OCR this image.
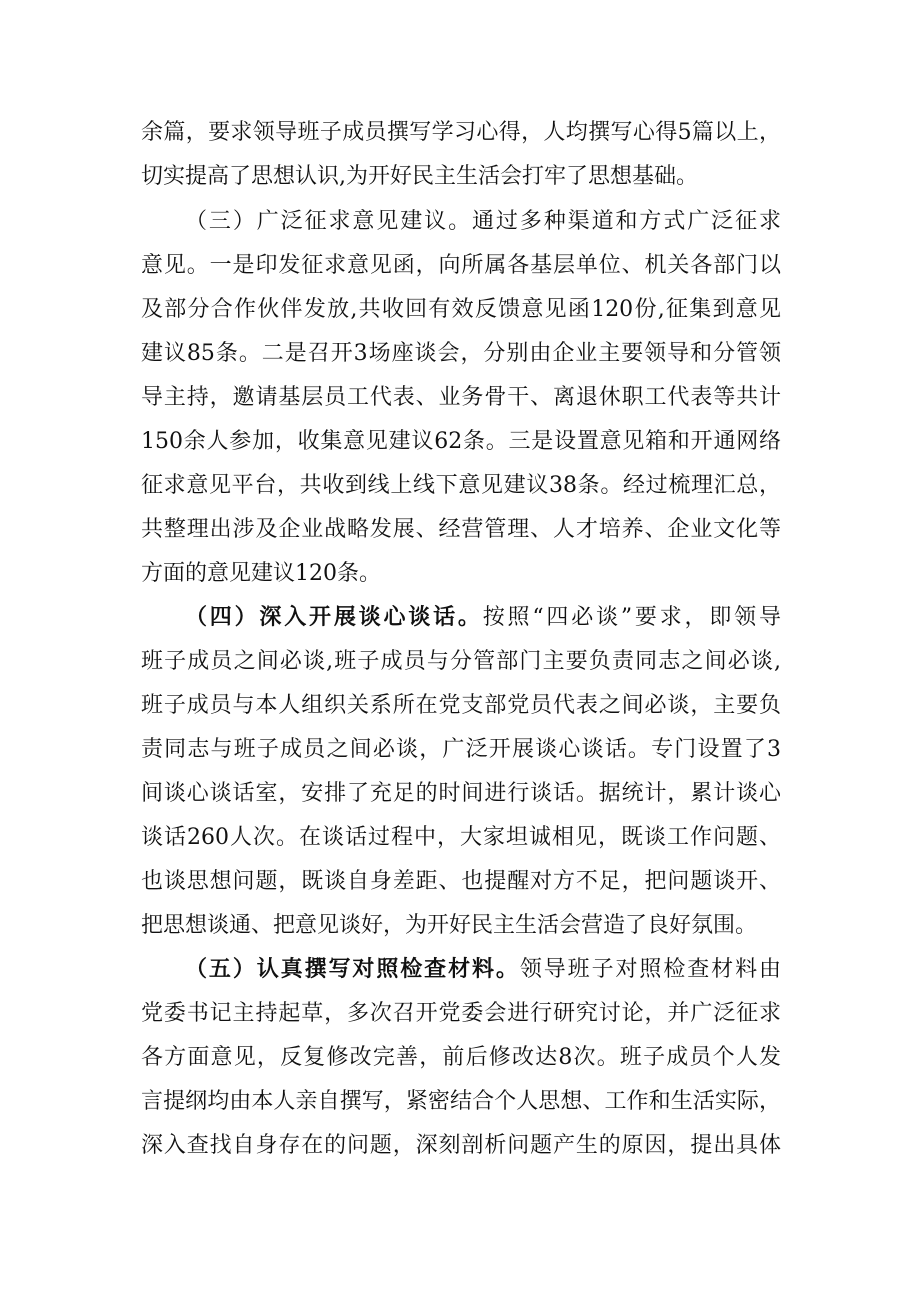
余篇，要求领导班子成员撰写学习心得，人均撰写心得5篇以上，
切实提高了思想认识,为开好民主生活会打牢了思想基础。
（三）广泛征求意见建议。通过多种渠道和方式广泛征求
意见。一是印发征求意见函，向所属各基层单位、机关各部门以
及部分合作伙伴发放,共收回有效反馈意见函120份,征集到意见
建议85条。二是召开3场座谈会，分别由企业主要领导和分管领
导主持，邀请基层员工代表、业务骨干、离退休职工代表等共计
150余人参加，收集意见建议62条。三是设置意见箱和开通网络
征求意见平台，共收到线上线下意见建议38条。经过梳理汇总，
共整理出涉及企业战略发展、经营管理、人才培养、企业文化等
方面的意见建议120条。
（四）深入开展谈心谈话。按照“四必谈”要求，即领导
班子成员之间必谈,班子成员与分管部门主要负责同志之间必谈,
班子成员与本人组织关系所在党支部党员代表之间必谈，主要负
责同志与班子成员之间必谈，广泛开展谈心谈话。专门设置了3
间谈心谈话室，安排了充足的时间进行谈话。据统计，累计谈心
谈话260人次。在谈话过程中，大家坦诚相见，既谈工作问题、
也谈思想问题，既谈自身差距、也提醒对方不足，把问题谈开、
把思想谈通、把意见谈好，为开好民主生活会营造了良好氛围。
（五）认真撰写对照检查材料。领导班子对照检查材料由
党委书记主持起草，多次召开党委会进行研究讨论，并广泛征求
各方面意见，反复修改完善，前后修改达8次。班子成员个人发
言提纲均由本人亲自撰写，紧密结合个人思想、工作和生活实际，
深入查找自身存在的问题，深刻剖析问题产生的原因，提出具体
